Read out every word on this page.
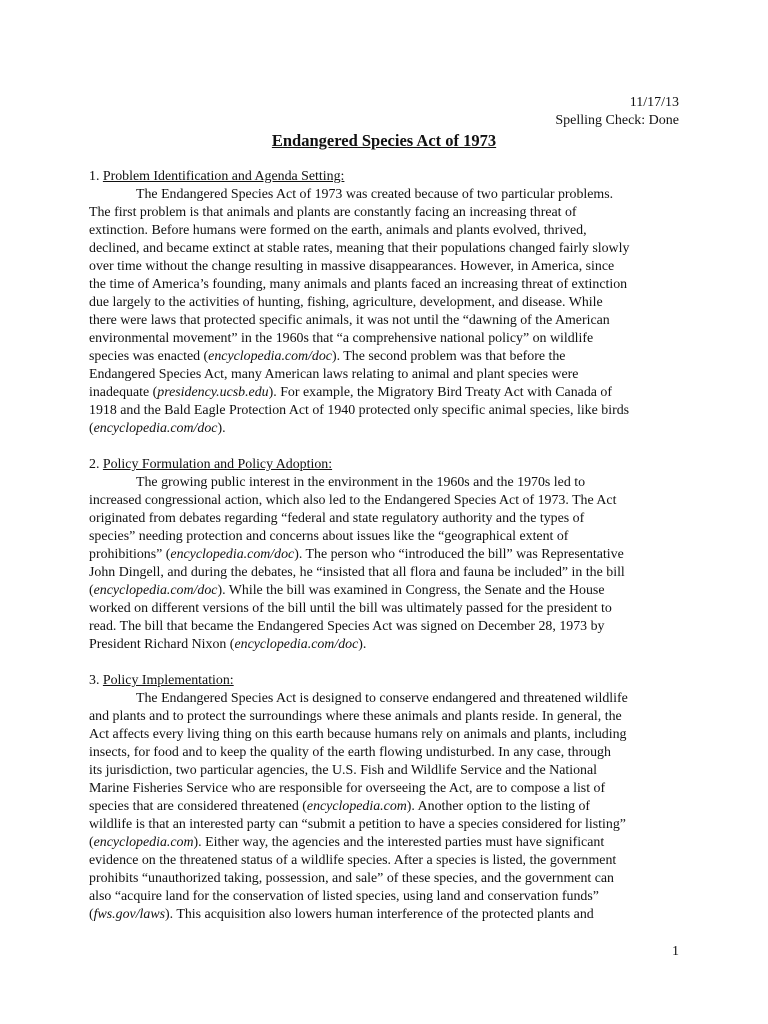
11/17/13
Spelling Check: Done
Endangered Species Act of 1973
1. Problem Identification and Agenda Setting:
The Endangered Species Act of 1973 was created because of two particular problems.
The first problem is that animals and plants are constantly facing an increasing threat of
extinction. Before humans were formed on the earth, animals and plants evolved, thrived,
declined, and became extinct at stable rates, meaning that their populations changed fairly slowly
over time without the change resulting in massive disappearances. However, in America, since
the time of America’s founding, many animals and plants faced an increasing threat of extinction
due largely to the activities of hunting, fishing, agriculture, development, and disease. While
there were laws that protected specific animals, it was not until the “dawning of the American
environmental movement” in the 1960s that “a comprehensive national policy” on wildlife
species was enacted (encyclopedia.com/doc). The second problem was that before the
Endangered Species Act, many American laws relating to animal and plant species were
inadequate (presidency.ucsb.edu). For example, the Migratory Bird Treaty Act with Canada of
1918 and the Bald Eagle Protection Act of 1940 protected only specific animal species, like birds
(encyclopedia.com/doc).
2. Policy Formulation and Policy Adoption:
The growing public interest in the environment in the 1960s and the 1970s led to
increased congressional action, which also led to the Endangered Species Act of 1973. The Act
originated from debates regarding “federal and state regulatory authority and the types of
species” needing protection and concerns about issues like the “geographical extent of
prohibitions” (encyclopedia.com/doc). The person who “introduced the bill” was Representative
John Dingell, and during the debates, he “insisted that all flora and fauna be included” in the bill
(encyclopedia.com/doc). While the bill was examined in Congress, the Senate and the House
worked on different versions of the bill until the bill was ultimately passed for the president to
read. The bill that became the Endangered Species Act was signed on December 28, 1973 by
President Richard Nixon (encyclopedia.com/doc).
3. Policy Implementation:
The Endangered Species Act is designed to conserve endangered and threatened wildlife
and plants and to protect the surroundings where these animals and plants reside. In general, the
Act affects every living thing on this earth because humans rely on animals and plants, including
insects, for food and to keep the quality of the earth flowing undisturbed. In any case, through
its jurisdiction, two particular agencies, the U.S. Fish and Wildlife Service and the National
Marine Fisheries Service who are responsible for overseeing the Act, are to compose a list of
species that are considered threatened (encyclopedia.com). Another option to the listing of
wildlife is that an interested party can “submit a petition to have a species considered for listing”
(encyclopedia.com). Either way, the agencies and the interested parties must have significant
evidence on the threatened status of a wildlife species. After a species is listed, the government
prohibits “unauthorized taking, possession, and sale” of these species, and the government can
also “acquire land for the conservation of listed species, using land and conservation funds”
(fws.gov/laws). This acquisition also lowers human interference of the protected plants and
1
